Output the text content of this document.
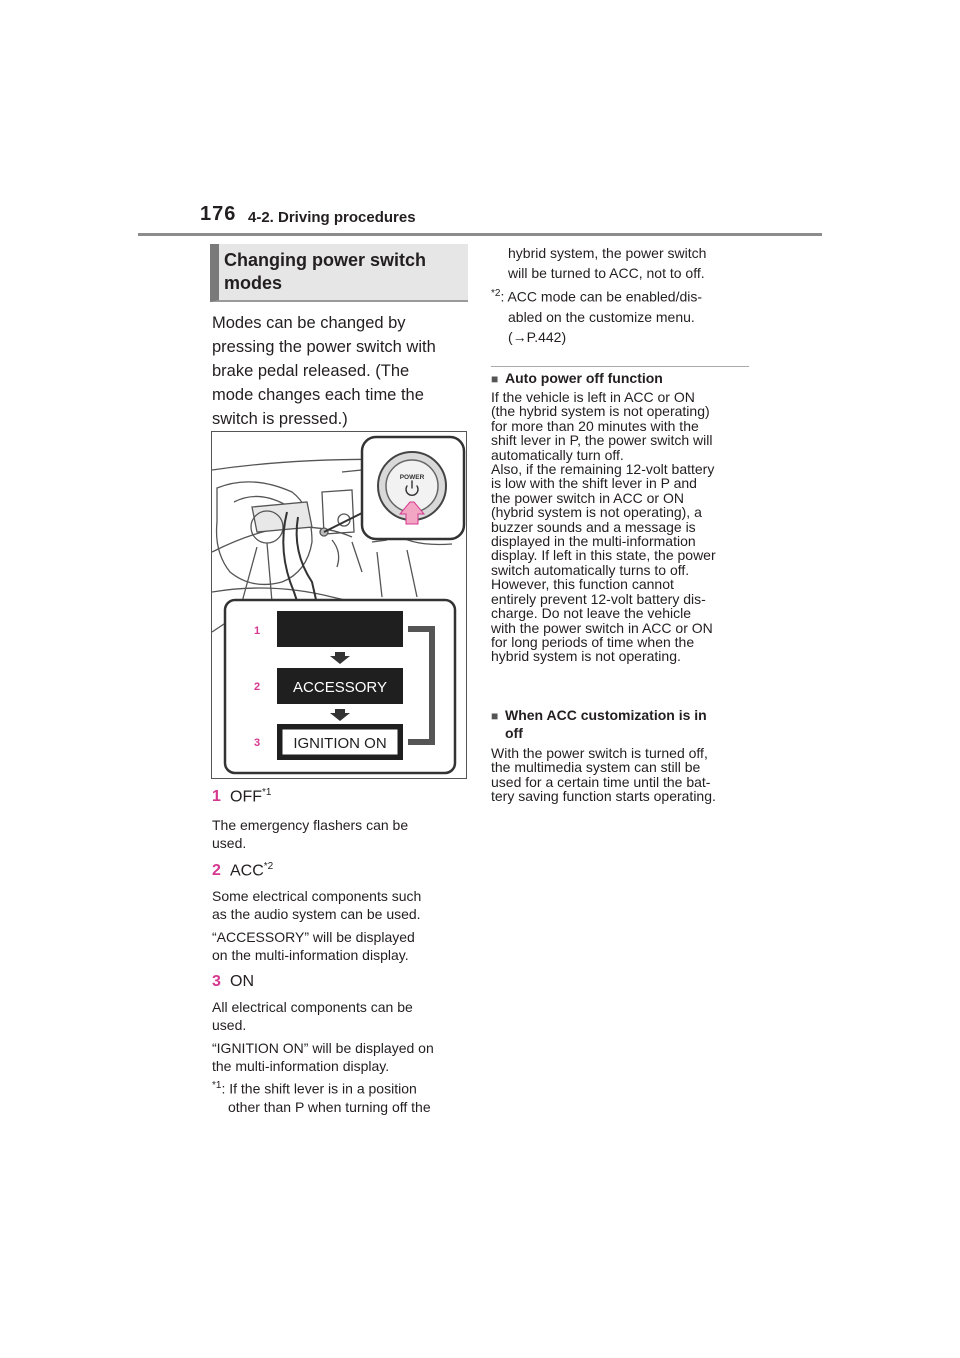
176 4-2. Driving procedures
Changing power switch
modes
Modes can be changed by
pressing the power switch with
brake pedal released. (The
mode changes each time the
switch is pressed.)
POWER
1
2
3
ACCESSORY
IGNITION ON
1 OFF$^{*1}$
The emergency flashers can be
used.
2 ACC$^{*2}$
Some electrical components such
as the audio system can be used.
“ACCESSORY” will be displayed
on the multi-information display.
3 ON
All electrical components can be
used.
“IGNITION ON” will be displayed on
the multi-information display.
$^{*1}$: If the shift lever is in a position
other than P when turning off the
hybrid system, the power switch
will be turned to ACC, not to off.
$^{*2}$: ACC mode can be enabled/dis-
abled on the customize menu.
(→P.442)
■ Auto power off function
If the vehicle is left in ACC or ON
(the hybrid system is not operating)
for more than 20 minutes with the
shift lever in P, the power switch will
automatically turn off.
Also, if the remaining 12-volt battery
is low with the shift lever in P and
the power switch in ACC or ON
(hybrid system is not operating), a
buzzer sounds and a message is
displayed in the multi-information
display. If left in this state, the power
switch automatically turns to off.
However, this function cannot
entirely prevent 12-volt battery dis-
charge. Do not leave the vehicle
with the power switch in ACC or ON
for long periods of time when the
hybrid system is not operating.
■ When ACC customization is in
off
With the power switch is turned off,
the multimedia system can still be
used for a certain time until the bat-
tery saving function starts operating.
